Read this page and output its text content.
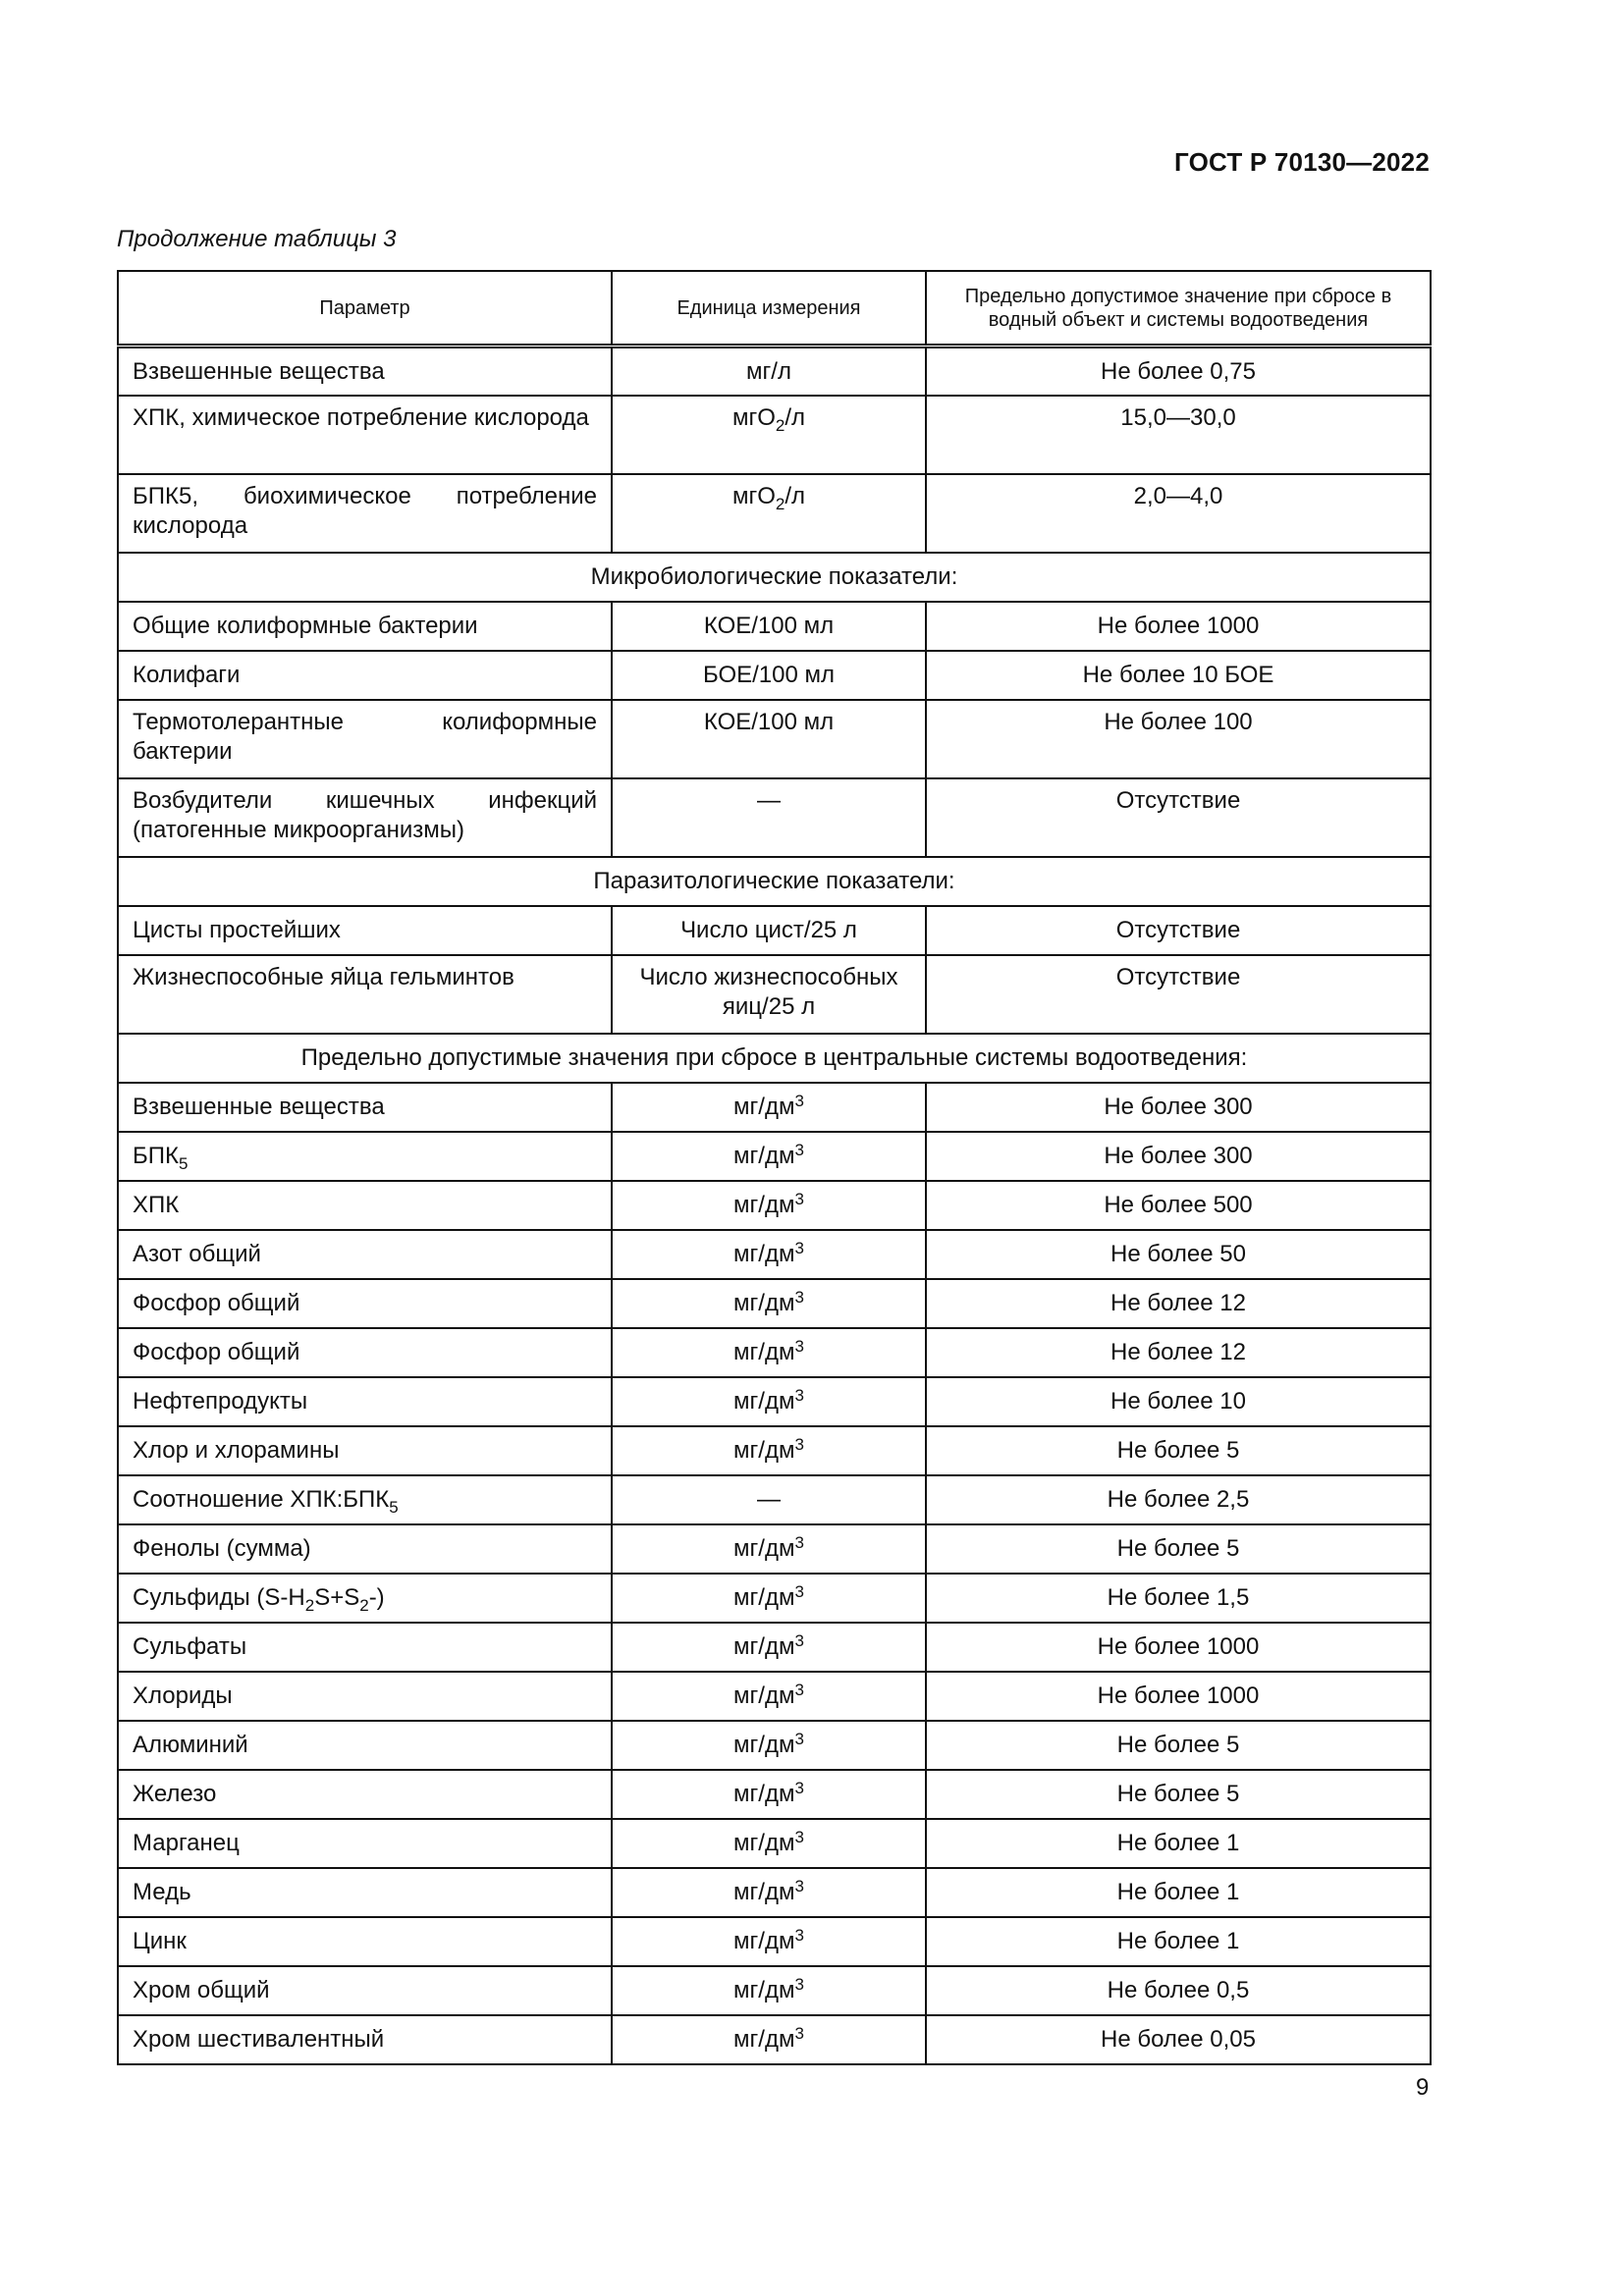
ГОСТ Р 70130—2022
Продолжение таблицы 3
Параметр	Единица измерения	Предельно допустимое значение при сбросе в водный объект и системы водоотведения
Взвешенные вещества	мг/л	Не более 0,75
ХПК, химическое потребление кислорода	мгО$_2$/л	15,0—30,0
БПК5, биохимическое потребление кислорода	мгО$_2$/л	2,0—4,0
Микробиологические показатели:		
Общие колиформные бактерии	КОЕ/100 мл	Не более 1000
Колифаги	БОЕ/100 мл	Не более 10 БОЕ
Термотолерантные колиформные бактерии	КОЕ/100 мл	Не более 100
Возбудители кишечных инфекций (патогенные микроорганизмы)	—	Отсутствие
Паразитологические показатели:		
Цисты простейших	Число цист/25 л	Отсутствие
Жизнеспособные яйца гельминтов	Число жизнеспособных яиц/25 л	Отсутствие
Предельно допустимые значения при сбросе в центральные системы водоотведения:		
Взвешенные вещества	$мг/дм^3$	Не более 300
$БПК_5$	$мг/дм^3$	Не более 300
ХПК	$мг/дм^3$	Не более 500
Азот общий	$мг/дм^3$	Не более 50
Фосфор общий	$мг/дм^3$	Не более 12
Фосфор общий	$мг/дм^3$	Не более 12
Нефтепродукты	$мг/дм^3$	Не более 10
Хлор и хлорамины	$мг/дм^3$	Не более 5
Соотношение $ХПК:БПК_5$	—	Не более 2,5
Фенолы (сумма)	$мг/дм^3$	Не более 5
Сульфиды $(S-H_2S+S_2-)$	$мг/дм^3$	Не более 1,5
Сульфаты	$мг/дм^3$	Не более 1000
Хлориды	$мг/дм^3$	Не более 1000
Алюминий	$мг/дм^3$	Не более 5
Железо	$мг/дм^3$	Не более 5
Марганец	$мг/дм^3$	Не более 1
Медь	$мг/дм^3$	Не более 1
Цинк	$мг/дм^3$	Не более 1
Хром общий	$мг/дм^3$	Не более 0,5
Хром шестивалентный	$мг/дм^3$	Не более 0,05
9
